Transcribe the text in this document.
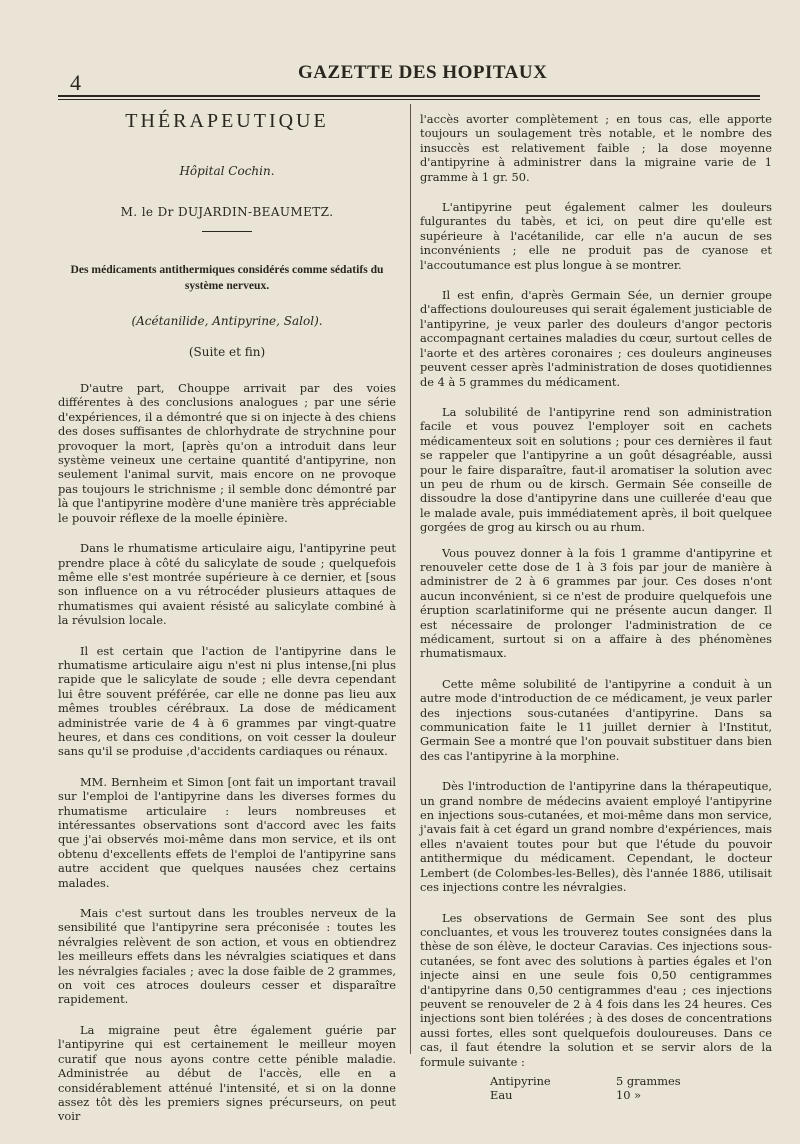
4	GAZETTE DES HOPITAUX
THÉRAPEUTIQUE
Hôpital Cochin.
M. le Dr DUJARDIN-BEAUMETZ.
Des médicaments antithermiques considérés comme sédatifs du système nerveux.
(Acétanilide, Antipyrine, Salol).
(Suite et fin)

D'autre part, Chouppe arrivait par des voies différentes à des conclusions analogues ; par une série d'expériences, il a démontré que si on injecte à des chiens des doses suffisantes de chlorhydrate de strychnine pour provoquer la mort, [après qu'on a introduit dans leur système veineux une certaine quantité d'antipyrine, non seulement l'animal survit, mais encore on ne provoque pas toujours le strichnisme ; il semble donc démontré par là que l'antipyrine modère d'une manière très appréciable le pouvoir réflexe de la moelle épinière.

Dans le rhumatisme articulaire aigu, l'antipyrine peut prendre place à côté du salicylate de soude ; quelquefois même elle s'est montrée supérieure à ce dernier, et [sous son influence on a vu rétrocéder plusieurs attaques de rhumatismes qui avaient résisté au salicylate combiné à la révulsion locale.

Il est certain que l'action de l'antipyrine dans le rhumatisme articulaire aigu n'est ni plus intense,[ni plus rapide que le salicylate de soude ; elle devra cependant lui être souvent préférée, car elle ne donne pas lieu aux mêmes troubles cérébraux. La dose de médicament administrée varie de 4 à 6 grammes par vingt-quatre heures, et dans ces conditions, on voit cesser la douleur sans qu'il se produise ,d'accidents cardiaques ou rénaux.

MM. Bernheim et Simon [ont fait un important travail sur l'emploi de l'antipyrine dans les diverses formes du rhumatisme articulaire : leurs nombreuses et intéressantes observations sont d'accord avec les faits que j'ai observés moi-même dans mon service, et ils ont obtenu d'excellents effets de l'emploi de l'antipyrine sans autre accident que quelques nausées chez certains malades.

Mais c'est surtout dans les troubles nerveux de la sensibilité que l'antipyrine sera préconisée : toutes les névralgies relèvent de son action, et vous en obtiendrez les meilleurs effets dans les névralgies sciatiques et dans les névralgies faciales ; avec la dose faible de 2 grammes, on voit ces atroces douleurs cesser et disparaître rapidement.

La migraine peut être également guérie par l'antipyrine qui est certainement le meilleur moyen curatif que nous ayons contre cette pénible maladie. Administrée au début de l'accès, elle en a considérablement atténué l'intensité, et si on la donne assez tôt dès les premiers signes précurseurs, on peut voir

l'accès avorter complètement ; en tous cas, elle apporte toujours un soulagement très notable, et le nombre des insuccès est relativement faible ; la dose moyenne d'antipyrine à administrer dans la migraine varie de 1 gramme à 1 gr. 50.

L'antipyrine peut également calmer les douleurs fulgurantes du tabès, et ici, on peut dire qu'elle est supérieure à l'acétanilide, car elle n'a aucun de ses inconvénients ; elle ne produit pas de cyanose et l'accoutumance est plus longue à se montrer.

Il est enfin, d'après Germain Sée, un dernier groupe d'affections douloureuses qui serait également justiciable de l'antipyrine, je veux parler des douleurs d'angor pectoris accompagnant certaines maladies du cœur, surtout celles de l'aorte et des artères coronaires ; ces douleurs angineuses peuvent cesser après l'administration de doses quotidiennes de 4 à 5 grammes du médicament.

La solubilité de l'antipyrine rend son administration facile et vous pouvez l'employer soit en cachets médicamenteux soit en solutions ; pour ces dernières il faut se rappeler que l'antipyrine a un goût désagréable, aussi pour le faire disparaître, faut-il aromatiser la solution avec un peu de rhum ou de kirsch. Germain Sée conseille de dissoudre la dose d'antipyrine dans une cuillerée d'eau que le malade avale, puis immédiatement après, il boit quelquee gorgées de grog au kirsch ou au rhum.

Vous pouvez donner à la fois 1 gramme d'antipyrine et renouveler cette dose de 1 à 3 fois par jour de manière à administrer de 2 à 6 grammes par jour. Ces doses n'ont aucun inconvénient, si ce n'est de produire quelquefois une éruption scarlatiniforme qui ne présente aucun danger. Il est nécessaire de prolonger l'administration de ce médicament, surtout si on a affaire à des phénomènes rhumatismaux.

Cette même solubilité de l'antipyrine a conduit à un autre mode d'introduction de ce médicament, je veux parler des injections sous-cutanées d'antipyrine. Dans sa communication faite le 11 juillet dernier à l'Institut, Germain See a montré que l'on pouvait substituer dans bien des cas l'antipyrine à la morphine.

Dès l'introduction de l'antipyrine dans la thérapeutique, un grand nombre de médecins avaient employé l'antipyrine en injections sous-cutanées, et moi-même dans mon service, j'avais fait à cet égard un grand nombre d'expériences, mais elles n'avaient toutes pour but que l'étude du pouvoir antithermique du médicament. Cependant, le docteur Lembert (de Colombes-les-Belles), dès l'année 1886, utilisait ces injections contre les névralgies.

Les observations de Germain See sont des plus concluantes, et vous les trouverez toutes consignées dans la thèse de son élève, le docteur Caravias. Ces injections sous-cutanées, se font avec des solutions à parties égales et l'on injecte ainsi en une seule fois 0,50 centigrammes d'antipyrine dans 0,50 centigrammes d'eau ; ces injections peuvent se renouveler de 2 à 4 fois dans les 24 heures. Ces injections sont bien tolérées ; à des doses de concentrations aussi fortes, elles sont quelquefois douloureuses. Dans ce cas, il faut étendre la solution et se servir alors de la formule suivante :

Antipyrine	5 grammes
Eau	10 »
